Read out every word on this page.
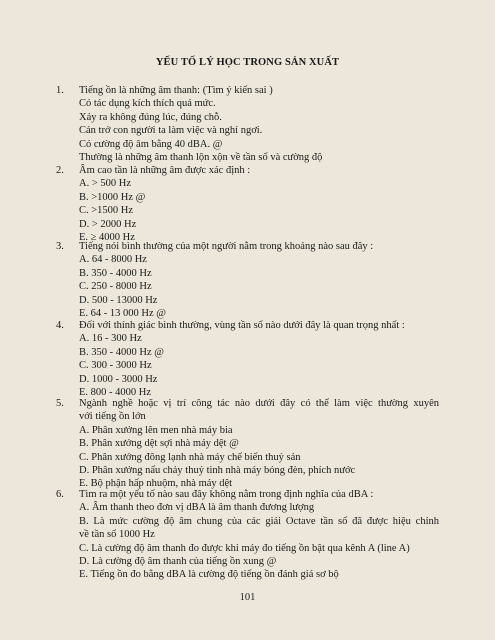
YẾU TỐ LÝ HỌC TRONG SẢN XUẤT
1. Tiếng ồn là những âm thanh: (Tìm ý kiến sai )
Có tác dụng kích thích quá mức.
Xảy ra không đúng lúc, đúng chỗ.
Cản trở con người ta làm việc và nghỉ ngơi.
Có cường độ âm bằng 40 dBA. @
Thường là những âm thanh lộn xộn về tần số và cường độ
2. Âm cao tần là những âm được xác định :
A. > 500 Hz
B. >1000 Hz @
C. >1500 Hz
D. > 2000 Hz
E. ≥ 4000 Hz
3. Tiếng nói bình thường của một người nằm trong khoảng nào sau đây :
A. 64 - 8000 Hz
B. 350 - 4000 Hz
C. 250 - 8000 Hz
D. 500 - 13000 Hz
E. 64 - 13 000 Hz @
4. Đối với thính giác bình thường, vùng tần số nào dưới đây là quan trọng nhất :
A. 16 - 300 Hz
B. 350 - 4000 Hz @
C. 300 - 3000 Hz
D. 1000 - 3000 Hz
E. 800 - 4000 Hz
5. Ngành nghề hoặc vị trí công tác nào dưới đây có thể làm việc thường xuyên
với tiếng ồn lớn
A. Phân xưởng lên men nhà máy bia
B. Phân xưởng dệt sợi nhà máy dệt @
C. Phân xưởng đông lạnh nhà máy chế biến thuỷ sản
D. Phân xưởng nấu chảy thuỷ tinh nhà máy bóng đèn, phích nước
E. Bộ phận hấp nhuộm, nhà máy dệt
6. Tìm ra một yếu tố nào sau đây không nằm trong định nghĩa của dBA :
A. Âm thanh theo đơn vị dBA là âm thanh đương lượng
B. Là mức cường độ âm chung của các giải Octave tần số đã được hiệu chỉnh
về tần số 1000 Hz
C. Là cường độ âm thanh đo được khi máy đo tiếng ồn bật qua kênh A (line A)
D. Là cường độ âm thanh của tiếng ồn xung @
E. Tiếng ồn đo bằng dBA là cường độ tiếng ồn đánh giá sơ bộ
101
